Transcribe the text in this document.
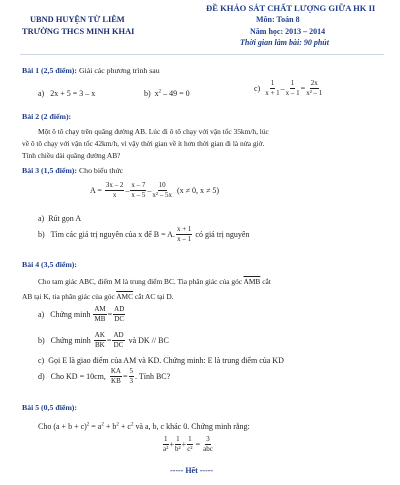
ĐỀ KHẢO SÁT CHẤT LƯỢNG GIỮA HK II
UBND HUYỆN TỪ LIÊM	Môn: Toán 8
TRƯỜNG THCS MINH KHAI	Năm học: 2013 – 2014
Thời gian làm bài: 90 phút
Bài 1 (2,5 điểm): Giải các phương trình sau
a) 2x + 5 = 3 – x	b) $x^2 - 49 = 0$
$c) \frac{1}{x + 1} - \frac{1}{x - 1} = \frac{2x}{\text{x² – 1}}$
Bài 2 (2 điểm):
Một ô tô chạy trên quãng đường AB. Lúc đi ô tô chạy với vận tốc 35km/h, lúc
về ô tô chạy với vận tốc 42km/h, vì vậy thời gian về ít hơn thời gian đi là nửa giờ.
Tính chiều dài quãng đường AB?
Bài 3 (1,5 điểm): Cho biểu thức
$A = \frac{3x - 2}{x} - \frac{x - 7}{x - 5} - \frac{10}{\text{x² – 5x}} (x \ne 0$, x ≠ 5)
a) Rút gọn A
b) Tìm các giá trị nguyên của x để B = A. $\frac{x + 1}{x - 1}$ có giá trị nguyên
Bài 4 (3,5 điểm):
Cho tam giác ABC, điểm M là trung điểm BC. Tia phân giác của góc $\overline{AMB}$ cắt
AB tại K, tia phân giác của góc $\overline{AMC}$ cắt AC tại D.
a) Chứng minh $\frac{AM}{MB} = \frac{AD}{DC}$
b) Chứng minh $\frac{AK}{BK} = \frac{AD}{DC}$ và DK // BC
c) Gọi E là giao điểm của AM và KD. Chứng minh: E là trung điểm của KD
d) Cho KD = 10cm, $\frac{KA}{KB} = \frac{5}{3}$ . Tính BC?
Bài 5 (0,5 điểm):
Cho $(a + b + c)^2 = a^2 + b^2 + c^2$ và a, b, c khác 0. Chứng minh rằng:
$\frac{1}{\text{a²}} + \frac{1}{\text{b²}} + \frac{1}{\text{c²}} = \frac{3}{\text{abc}}$
----- Hết -----
